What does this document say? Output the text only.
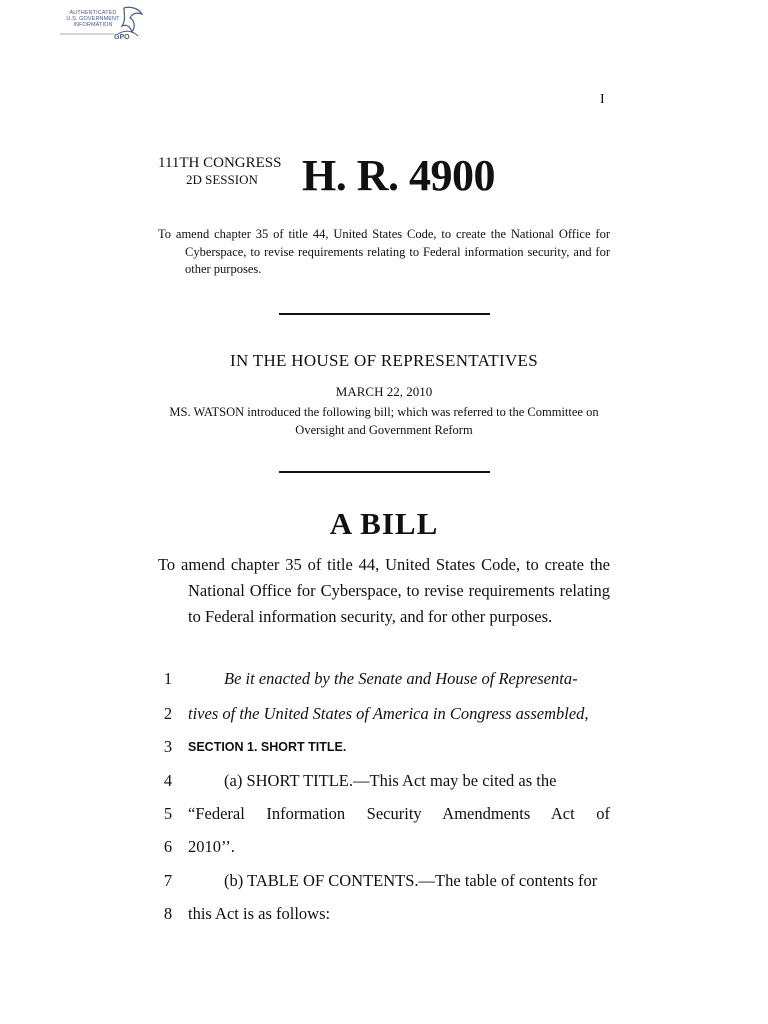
AUTHENTICATED
U.S. GOVERNMENT
INFORMATION
GPO
I
111TH CONGRESS
2D SESSION H. R. 4900
To amend chapter 35 of title 44, United States Code, to create the National Office for Cyberspace, to revise requirements relating to Federal information security, and for other purposes.
IN THE HOUSE OF REPRESENTATIVES
MARCH 22, 2010
MS. WATSON introduced the following bill; which was referred to the Committee on Oversight and Government Reform
A BILL
To amend chapter 35 of title 44, United States Code, to create the National Office for Cyberspace, to revise requirements relating to Federal information security, and for other purposes.
1	Be it enacted by the Senate and House of Representa-
2 tives of the United States of America in Congress assembled,
3	SECTION 1. SHORT TITLE.
4	(a) SHORT TITLE.—This Act may be cited as the
5 “Federal Information Security Amendments Act of
6 2010’’.
7	(b) TABLE OF CONTENTS.—The table of contents for
8 this Act is as follows:
